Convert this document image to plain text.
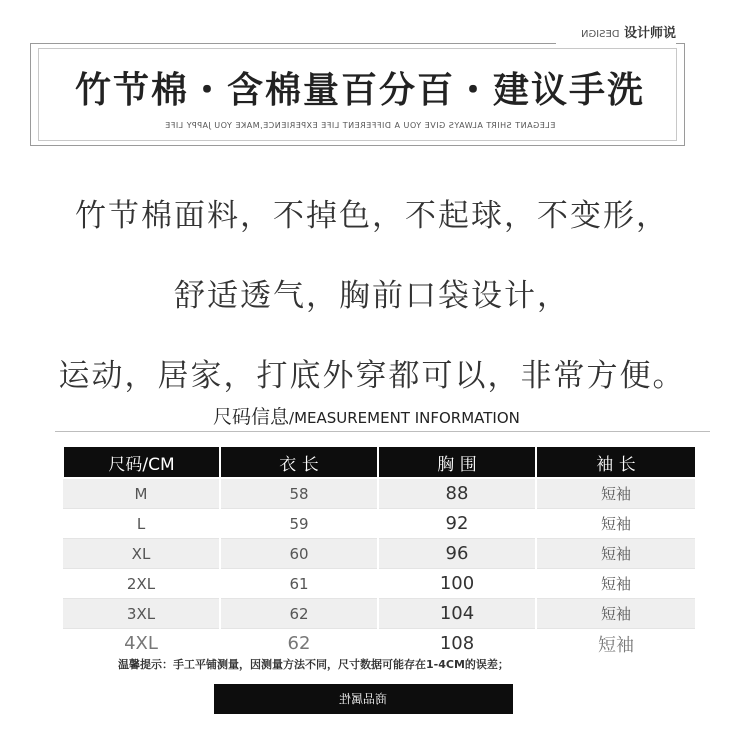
DESIGN 设计师说
竹节棉・含棉量百分百・建议手洗
ELEGANT SHIRT ALWAYS GIVE YOU A DIFFERENT LIFE EXPERIENCE,MAKE YOU JAPPY LIFE
竹节棉面料，不掉色，不起球，不变形，
舒适透气，胸前口袋设计，
运动，居家，打底外穿都可以，非常方便。
尺码信息/MEASUREMENT INFORMATION
尺码/CM	衣 长	胸 围	袖 长
M	58	88	短袖
L	59	92	短袖
XL	60	96	短袖
2XL	61	100	短袖
3XL	62	104	短袖
4XL	62	108	短袖
温馨提示：手工平铺测量，因测量方法不同，尺寸数据可能存在1-4CM的误差；
商品属性
